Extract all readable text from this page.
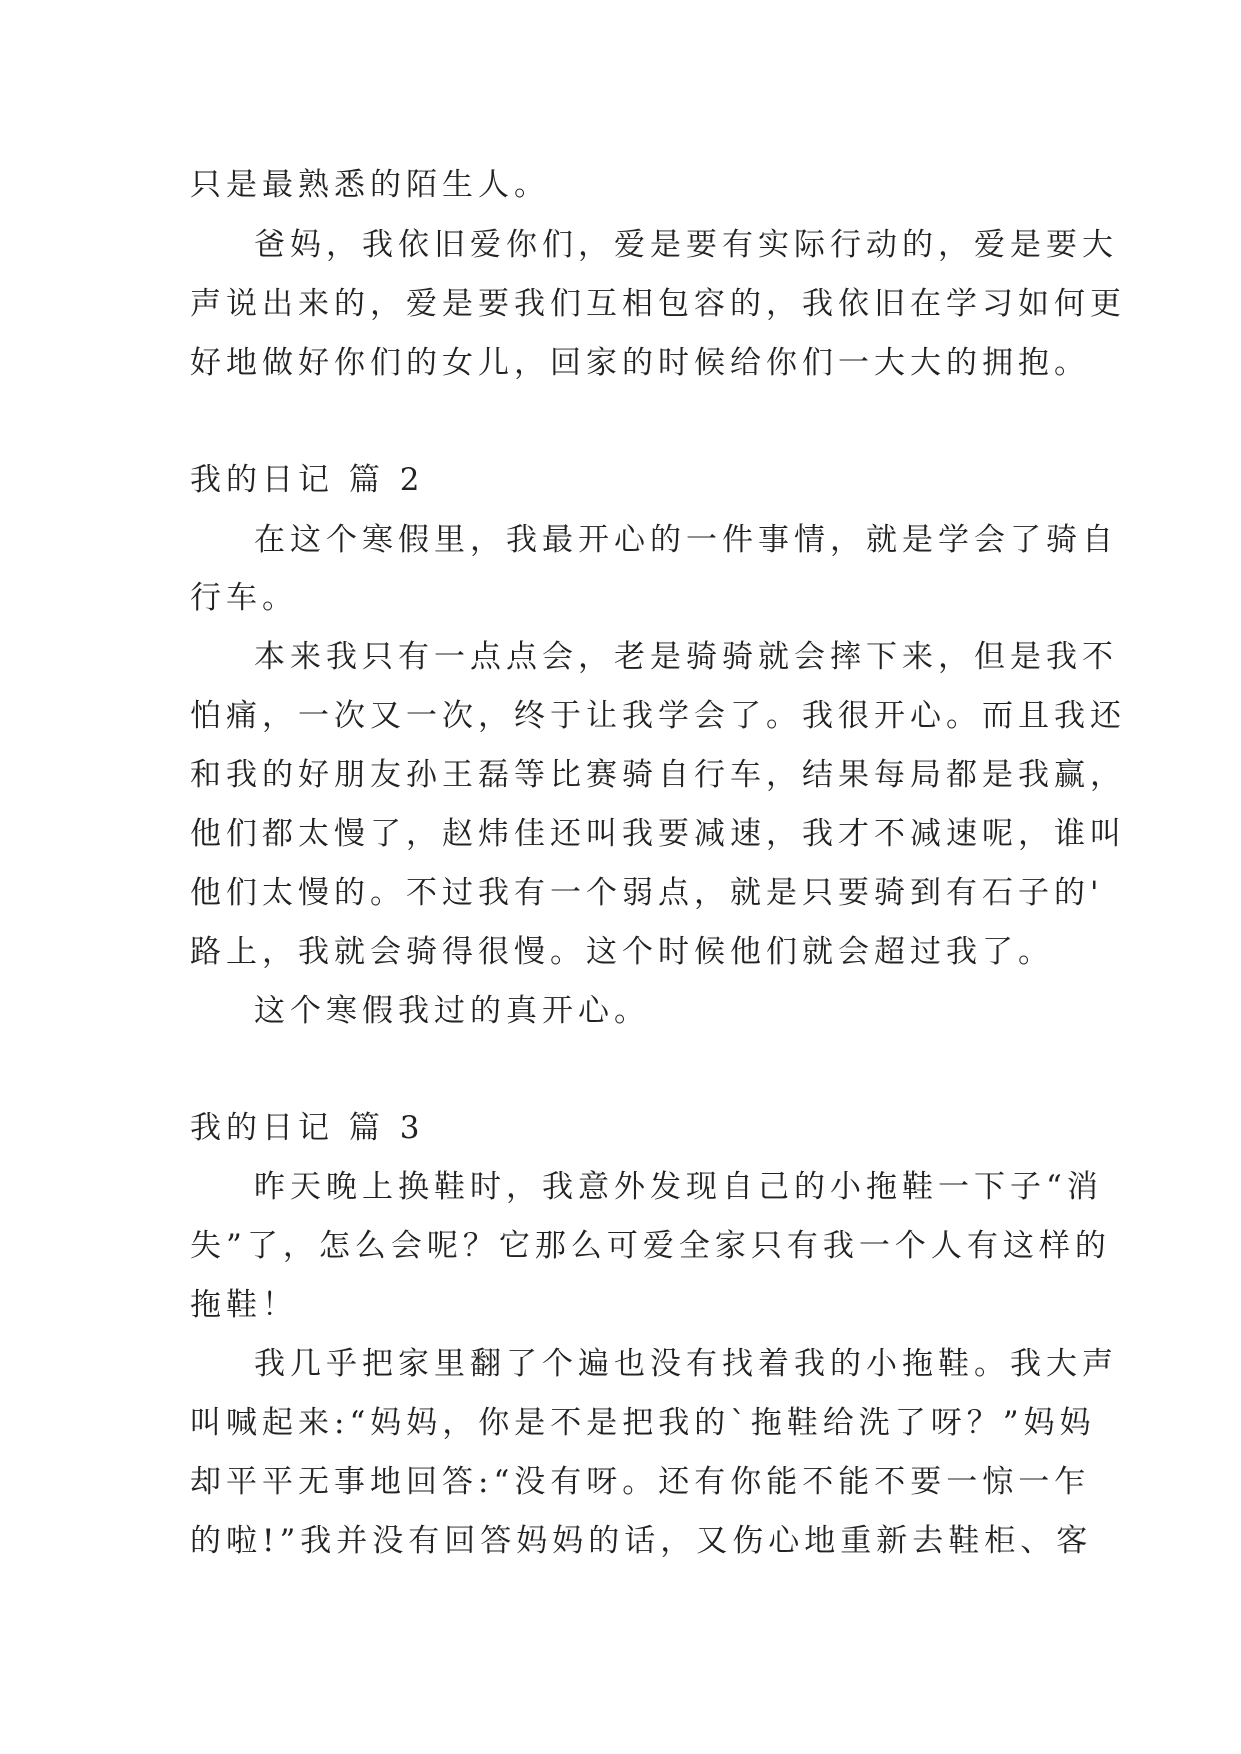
只是最熟悉的陌生人。
爸妈，我依旧爱你们，爱是要有实际行动的，爱是要大
声说出来的，爱是要我们互相包容的，我依旧在学习如何更
好地做好你们的女儿，回家的时候给你们一大大的拥抱。
我的日记 篇 2
在这个寒假里，我最开心的一件事情，就是学会了骑自
行车。
本来我只有一点点会，老是骑骑就会摔下来，但是我不
怕痛，一次又一次，终于让我学会了。我很开心。而且我还
和我的好朋友孙王磊等比赛骑自行车，结果每局都是我赢，
他们都太慢了，赵炜佳还叫我要减速，我才不减速呢，谁叫
他们太慢的。不过我有一个弱点，就是只要骑到有石子的'
路上，我就会骑得很慢。这个时候他们就会超过我了。
这个寒假我过的真开心。
我的日记 篇 3
昨天晚上换鞋时，我意外发现自己的小拖鞋一下子“消
失”了，怎么会呢？它那么可爱全家只有我一个人有这样的
拖鞋！
我几乎把家里翻了个遍也没有找着我的小拖鞋。我大声
叫喊起来:“妈妈，你是不是把我的`拖鞋给洗了呀？”妈妈
却平平无事地回答:“没有呀。还有你能不能不要一惊一乍
的啦!”我并没有回答妈妈的话，又伤心地重新去鞋柜、客
